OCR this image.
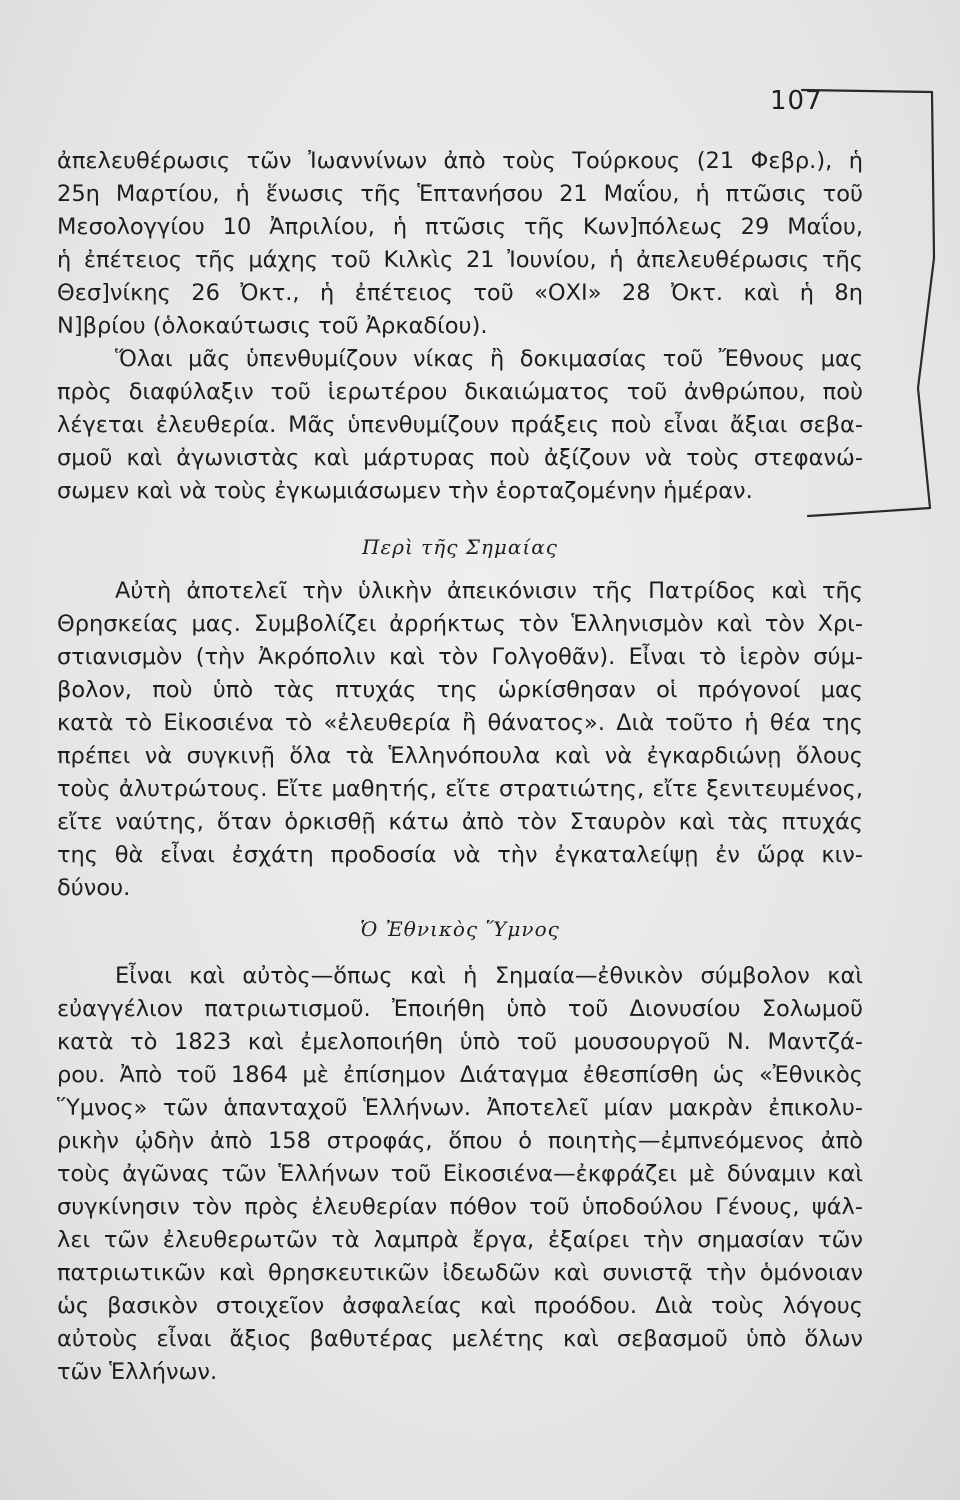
107
ἀπελευθέρωσις τῶν Ἰωαννίνων ἀπὸ τοὺς Τούρκους (21 Φεβρ.), ἡ
25η Μαρτίου, ἡ ἕνωσις τῆς Ἑπτανήσου 21 Μαΐου, ἡ πτῶσις τοῦ
Μεσολογγίου 10 Ἀπριλίου, ἡ πτῶσις τῆς Κων]πόλεως 29 Μαΐου,
ἡ ἐπέτειος τῆς μάχης τοῦ Κιλκὶς 21 Ἰουνίου, ἡ ἀπελευθέρωσις τῆς
Θεσ]νίκης 26 Ὀκτ., ἡ ἐπέτειος τοῦ «ΟΧΙ» 28 Ὀκτ. καὶ ἡ 8η
Ν]βρίου (ὁλοκαύτωσις τοῦ Ἀρκαδίου).
Ὅλαι μᾶς ὑπενθυμίζουν νίκας ἢ δοκιμασίας τοῦ Ἔθνους μας
πρὸς διαφύλαξιν τοῦ ἱερωτέρου δικαιώματος τοῦ ἀνθρώπου, ποὺ
λέγεται ἐλευθερία. Μᾶς ὑπενθυμίζουν πράξεις ποὺ εἶναι ἄξιαι σεβα-
σμοῦ καὶ ἀγωνιστὰς καὶ μάρτυρας ποὺ ἀξίζουν νὰ τοὺς στεφανώ-
σωμεν καὶ νὰ τοὺς ἐγκωμιάσωμεν τὴν ἑορταζομένην ἡμέραν.
Περὶ τῆς Σημαίας
Αὐτὴ ἀποτελεῖ τὴν ὑλικὴν ἀπεικόνισιν τῆς Πατρίδος καὶ τῆς
Θρησκείας μας. Συμβολίζει ἀρρήκτως τὸν Ἑλληνισμὸν καὶ τὸν Χρι-
στιανισμὸν (τὴν Ἀκρόπολιν καὶ τὸν Γολγοθᾶν). Εἶναι τὸ ἱερὸν σύμ-
βολον, ποὺ ὑπὸ τὰς πτυχάς της ὡρκίσθησαν οἱ πρόγονοί μας
κατὰ τὸ Εἰκοσιένα τὸ «ἐλευθερία ἢ θάνατος». Διὰ τοῦτο ἡ θέα της
πρέπει νὰ συγκινῇ ὅλα τὰ Ἑλληνόπουλα καὶ νὰ ἐγκαρδιώνῃ ὅλους
τοὺς ἀλυτρώτους. Εἴτε μαθητής, εἴτε στρατιώτης, εἴτε ξενιτευμένος,
εἴτε ναύτης, ὅταν ὁρκισθῇ κάτω ἀπὸ τὸν Σταυρὸν καὶ τὰς πτυχάς
της θὰ εἶναι ἐσχάτη προδοσία νὰ τὴν ἐγκαταλείψῃ ἐν ὥρᾳ κιν-
δύνου.
Ὁ Ἐθνικὸς Ὕμνος
Εἶναι καὶ αὐτὸς—ὅπως καὶ ἡ Σημαία—ἐθνικὸν σύμβολον καὶ
εὐαγγέλιον πατριωτισμοῦ. Ἐποιήθη ὑπὸ τοῦ Διονυσίου Σολωμοῦ
κατὰ τὸ 1823 καὶ ἐμελοποιήθη ὑπὸ τοῦ μουσουργοῦ Ν. Μαντζά-
ρου. Ἀπὸ τοῦ 1864 μὲ ἐπίσημον Διάταγμα ἐθεσπίσθη ὡς «Ἐθνικὸς
Ὕμνος» τῶν ἁπανταχοῦ Ἑλλήνων. Ἀποτελεῖ μίαν μακρὰν ἐπικολυ-
ρικὴν ᾠδὴν ἀπὸ 158 στροφάς, ὅπου ὁ ποιητὴς—ἐμπνεόμενος ἀπὸ
τοὺς ἀγῶνας τῶν Ἑλλήνων τοῦ Εἰκοσιένα—ἐκφράζει μὲ δύναμιν καὶ
συγκίνησιν τὸν πρὸς ἐλευθερίαν πόθον τοῦ ὑποδούλου Γένους, ψάλ-
λει τῶν ἐλευθερωτῶν τὰ λαμπρὰ ἔργα, ἐξαίρει τὴν σημασίαν τῶν
πατριωτικῶν καὶ θρησκευτικῶν ἰδεωδῶν καὶ συνιστᾷ τὴν ὁμόνοιαν
ὡς βασικὸν στοιχεῖον ἀσφαλείας καὶ προόδου. Διὰ τοὺς λόγους
αὐτοὺς εἶναι ἄξιος βαθυτέρας μελέτης καὶ σεβασμοῦ ὑπὸ ὅλων
τῶν Ἑλλήνων.
